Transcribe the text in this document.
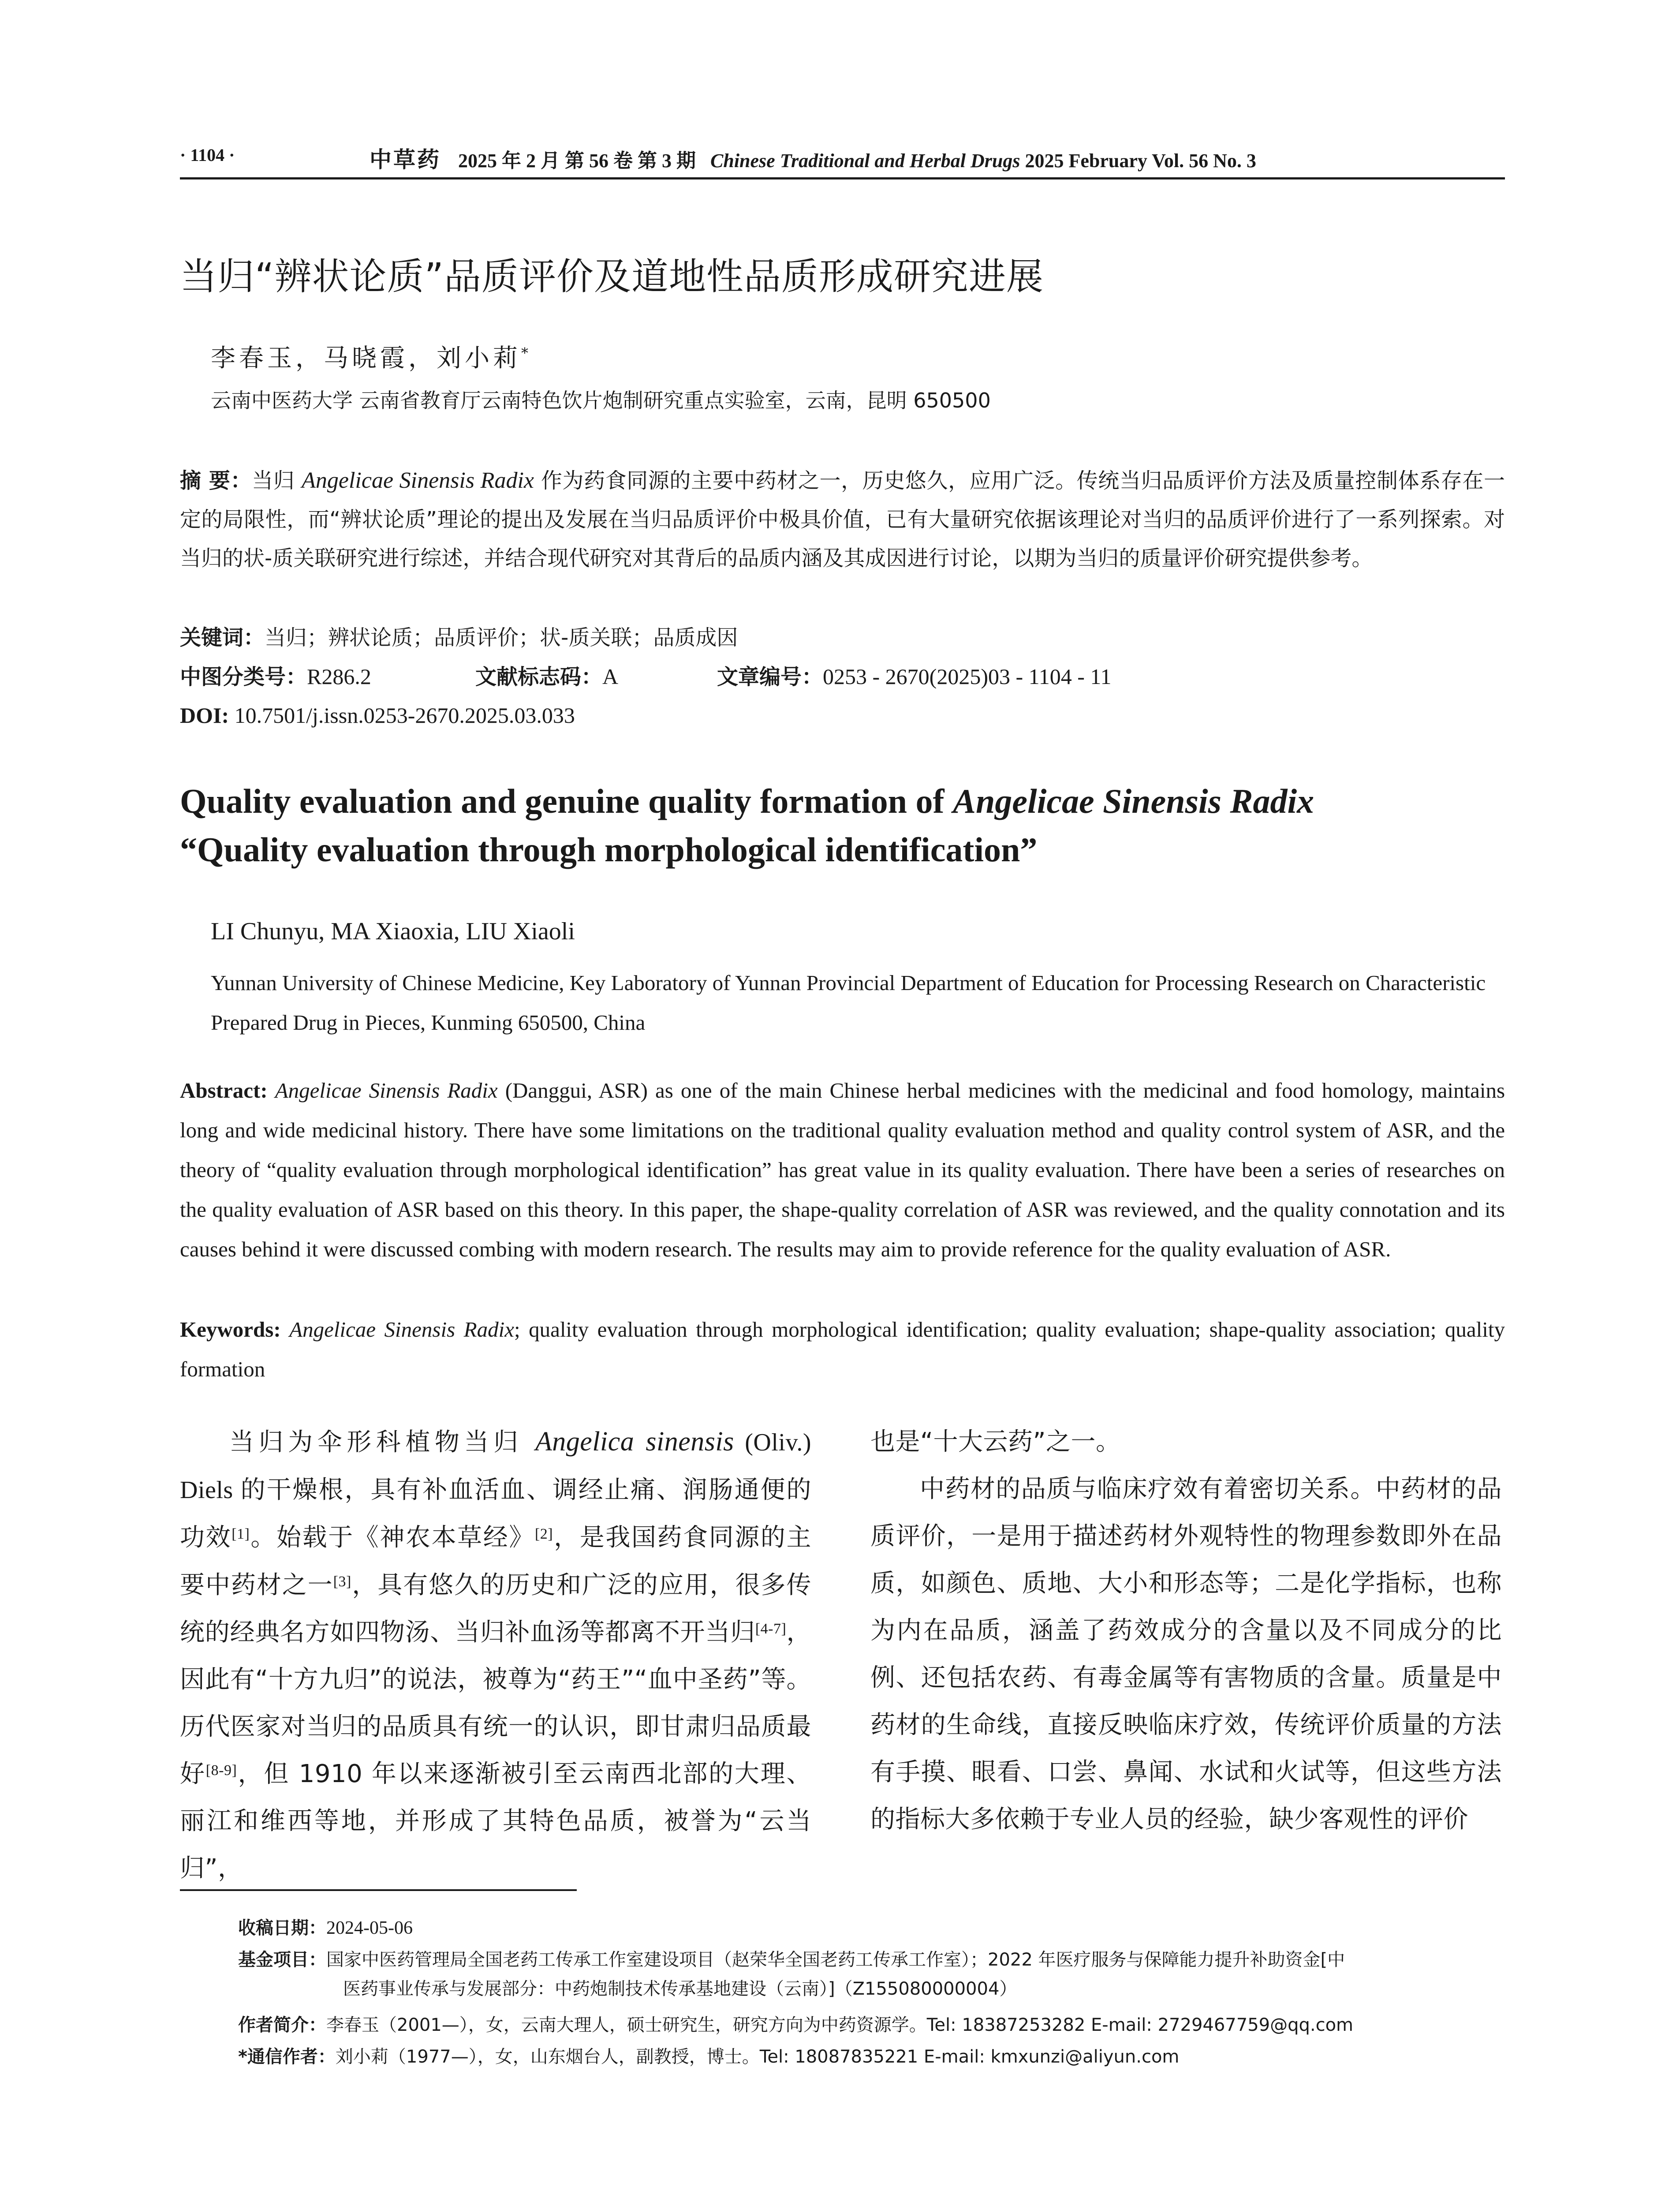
· 1104 ·	中草药 2025 年 2 月 第 56 卷 第 3 期 Chinese Traditional and Herbal Drugs 2025 February Vol. 56 No. 3
当归“辨状论质”品质评价及道地性品质形成研究进展
李春玉，马晓霞，刘小莉*
云南中医药大学 云南省教育厅云南特色饮片炮制研究重点实验室，云南，昆明 650500
摘 要：当归 Angelicae Sinensis Radix 作为药食同源的主要中药材之一，历史悠久，应用广泛。传统当归品质评价方法及质量控制体系存在一定的局限性，而“辨状论质”理论的提出及发展在当归品质评价中极具价值，已有大量研究依据该理论对当归的品质评价进行了一系列探索。对当归的状-质关联研究进行综述，并结合现代研究对其背后的品质内涵及其成因进行讨论，以期为当归的质量评价研究提供参考。
关键词：当归；辨状论质；品质评价；状-质关联；品质成因
中图分类号：R286.2	文献标志码：A	文章编号：0253 - 2670(2025)03 - 1104 - 11
DOI: 10.7501/j.issn.0253-2670.2025.03.033
Quality evaluation and genuine quality formation of Angelicae Sinensis Radix
“Quality evaluation through morphological identification”
LI Chunyu, MA Xiaoxia, LIU Xiaoli
Yunnan University of Chinese Medicine, Key Laboratory of Yunnan Provincial Department of Education for Processing Research on Characteristic Prepared Drug in Pieces, Kunming 650500, China
Abstract: Angelicae Sinensis Radix (Danggui, ASR) as one of the main Chinese herbal medicines with the medicinal and food homology, maintains long and wide medicinal history. There have some limitations on the traditional quality evaluation method and quality control system of ASR, and the theory of “quality evaluation through morphological identification” has great value in its quality evaluation. There have been a series of researches on the quality evaluation of ASR based on this theory. In this paper, the shape-quality correlation of ASR was reviewed, and the quality connotation and its causes behind it were discussed combing with modern research. The results may aim to provide reference for the quality evaluation of ASR.
Keywords: Angelicae Sinensis Radix; quality evaluation through morphological identification; quality evaluation; shape-quality association; quality formation

当归为伞形科植物当归 Angelica sinensis (Oliv.) Diels 的干燥根，具有补血活血、调经止痛、润肠通便的功效[1]。始载于《神农本草经》[2]，是我国药食同源的主要中药材之一[3]，具有悠久的历史和广泛的应用，很多传统的经典名方如四物汤、当归补血汤等都离不开当归[4-7]，因此有“十方九归”的说法，被尊为“药王”“血中圣药”等。历代医家对当归的品质具有统一的认识，即甘肃归品质最好[8-9]，但 1910 年以来逐渐被引至云南西北部的大理、丽江和维西等地，并形成了其特色品质，被誉为“云当归”，

也是“十大云药”之一。

中药材的品质与临床疗效有着密切关系。中药材的品质评价，一是用于描述药材外观特性的物理参数即外在品质，如颜色、质地、大小和形态等；二是化学指标，也称为内在品质，涵盖了药效成分的含量以及不同成分的比例、还包括农药、有毒金属等有害物质的含量。质量是中药材的生命线，直接反映临床疗效，传统评价质量的方法有手摸、眼看、口尝、鼻闻、水试和火试等，但这些方法的指标大多依赖于专业人员的经验，缺少客观性的评价

收稿日期：2024-05-06
基金项目：国家中医药管理局全国老药工传承工作室建设项目（赵荣华全国老药工传承工作室）；2022 年医疗服务与保障能力提升补助资金[中
医药事业传承与发展部分：中药炮制技术传承基地建设（云南）]（Z155080000004）
作者简介：李春玉（2001—），女，云南大理人，硕士研究生，研究方向为中药资源学。Tel: 18387253282 E-mail: 2729467759@qq.com
*通信作者：刘小莉（1977—），女，山东烟台人，副教授，博士。Tel: 18087835221 E-mail: kmxunzi@aliyun.com
